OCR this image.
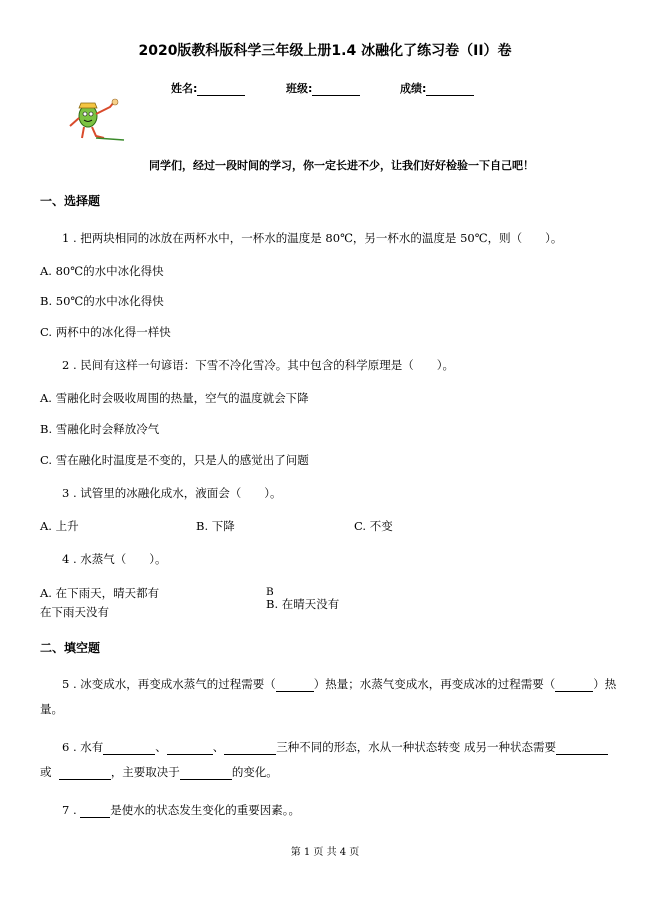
2020版教科版科学三年级上册1.4 冰融化了练习卷（II）卷
姓名:	班级:	成绩:
同学们，经过一段时间的学习，你一定长进不少，让我们好好检验一下自己吧！
一、选择题
1 . 把两块相同的冰放在两杯水中，一杯水的温度是 80℃，另一杯水的温度是 50℃，则（　　）。
A. 80℃的水中冰化得快
B. 50℃的水中冰化得快
C. 两杯中的冰化得一样快
2 . 民间有这样一句谚语：下雪不冷化雪冷。其中包含的科学原理是（　　）。
A. 雪融化时会吸收周围的热量，空气的温度就会下降
B. 雪融化时会释放冷气
C. 雪在融化时温度是不变的，只是人的感觉出了问题
3 . 试管里的冰融化成水，液面会（　　）。
A. 上升	B. 下降	C. 不变
4 . 水蒸气（　　）。
A. 在下雨天，晴天都有
在下雨天没有
B
B. 在晴天没有
二、填空题
5 . 冰变成水，再变成水蒸气的过程需要（	）热量；水蒸气变成水，再变成冰的过程需要（	）热
量。
6 . 水有	、	、	三种不同的形态，水从一种状态转变 成另一种状态需要
或	，主要取决于	的变化。
7 .	是使水的状态发生变化的重要因素。。
第 1 页 共 4 页
